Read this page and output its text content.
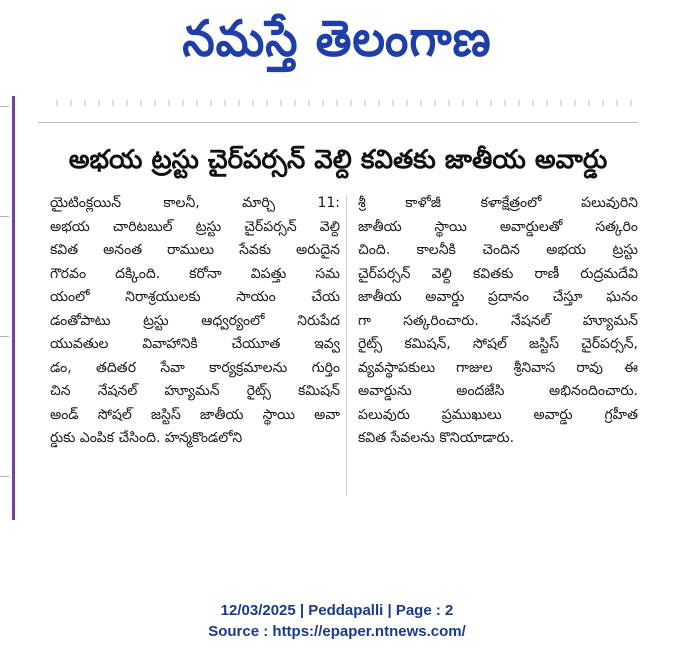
నమస్తే తెలంగాణ
అభయ ట్రస్టు చైర్‌పర్సన్ వెల్ది కవితకు జాతీయ అవార్డు
యైటింక్లయిన్ కాలనీ, మార్చి 11:
అభయ చారిటబుల్ ట్రస్టు చైర్‌పర్సన్ వెల్ది
కవిత అనంత రాములు సేవకు అరుదైన
గౌరవం దక్కింది. కరోనా విపత్తు సమ
యంలో నిరాశ్రయులకు సాయం చేయ
డంతోపాటు ట్రస్టు ఆధ్వర్యంలో నిరుపేద
యువతుల వివాహానికి చేయూత ఇవ్వ
డం, తదితర సేవా కార్యక్రమాలను గుర్తిం
చిన నేషనల్ హ్యూమన్ రైట్స్ కమిషన్
అండ్ సోషల్ జస్టిస్ జాతీయ స్థాయి అవా
ర్డుకు ఎంపిక చేసింది. హన్మకొండలోని
శ్రీ కాళోజీ కళాక్షేత్రంలో పలువురిని
జాతీయ స్థాయి అవార్డులతో సత్కరిం
చింది. కాలనీకి చెందిన అభయ ట్రస్టు
చైర్‌పర్సన్ వెల్ది కవితకు రాణీ రుద్రమదేవి
జాతీయ అవార్డు ప్రదానం చేస్తూ ఘనం
గా సత్కరించారు. నేషనల్ హ్యూమన్
రైట్స్ కమిషన్, సోషల్ జస్టిస్ చైర్‌పర్సన్,
వ్యవస్థాపకులు గాజుల శ్రీనివాస రావు ఈ
అవార్డును అందజేసి అభినందించారు.
పలువురు ప్రముఖులు అవార్డు గ్రహీత
కవిత సేవలను కొనియాడారు.
12/03/2025 | Peddapalli | Page : 2
Source : https://epaper.ntnews.com/
